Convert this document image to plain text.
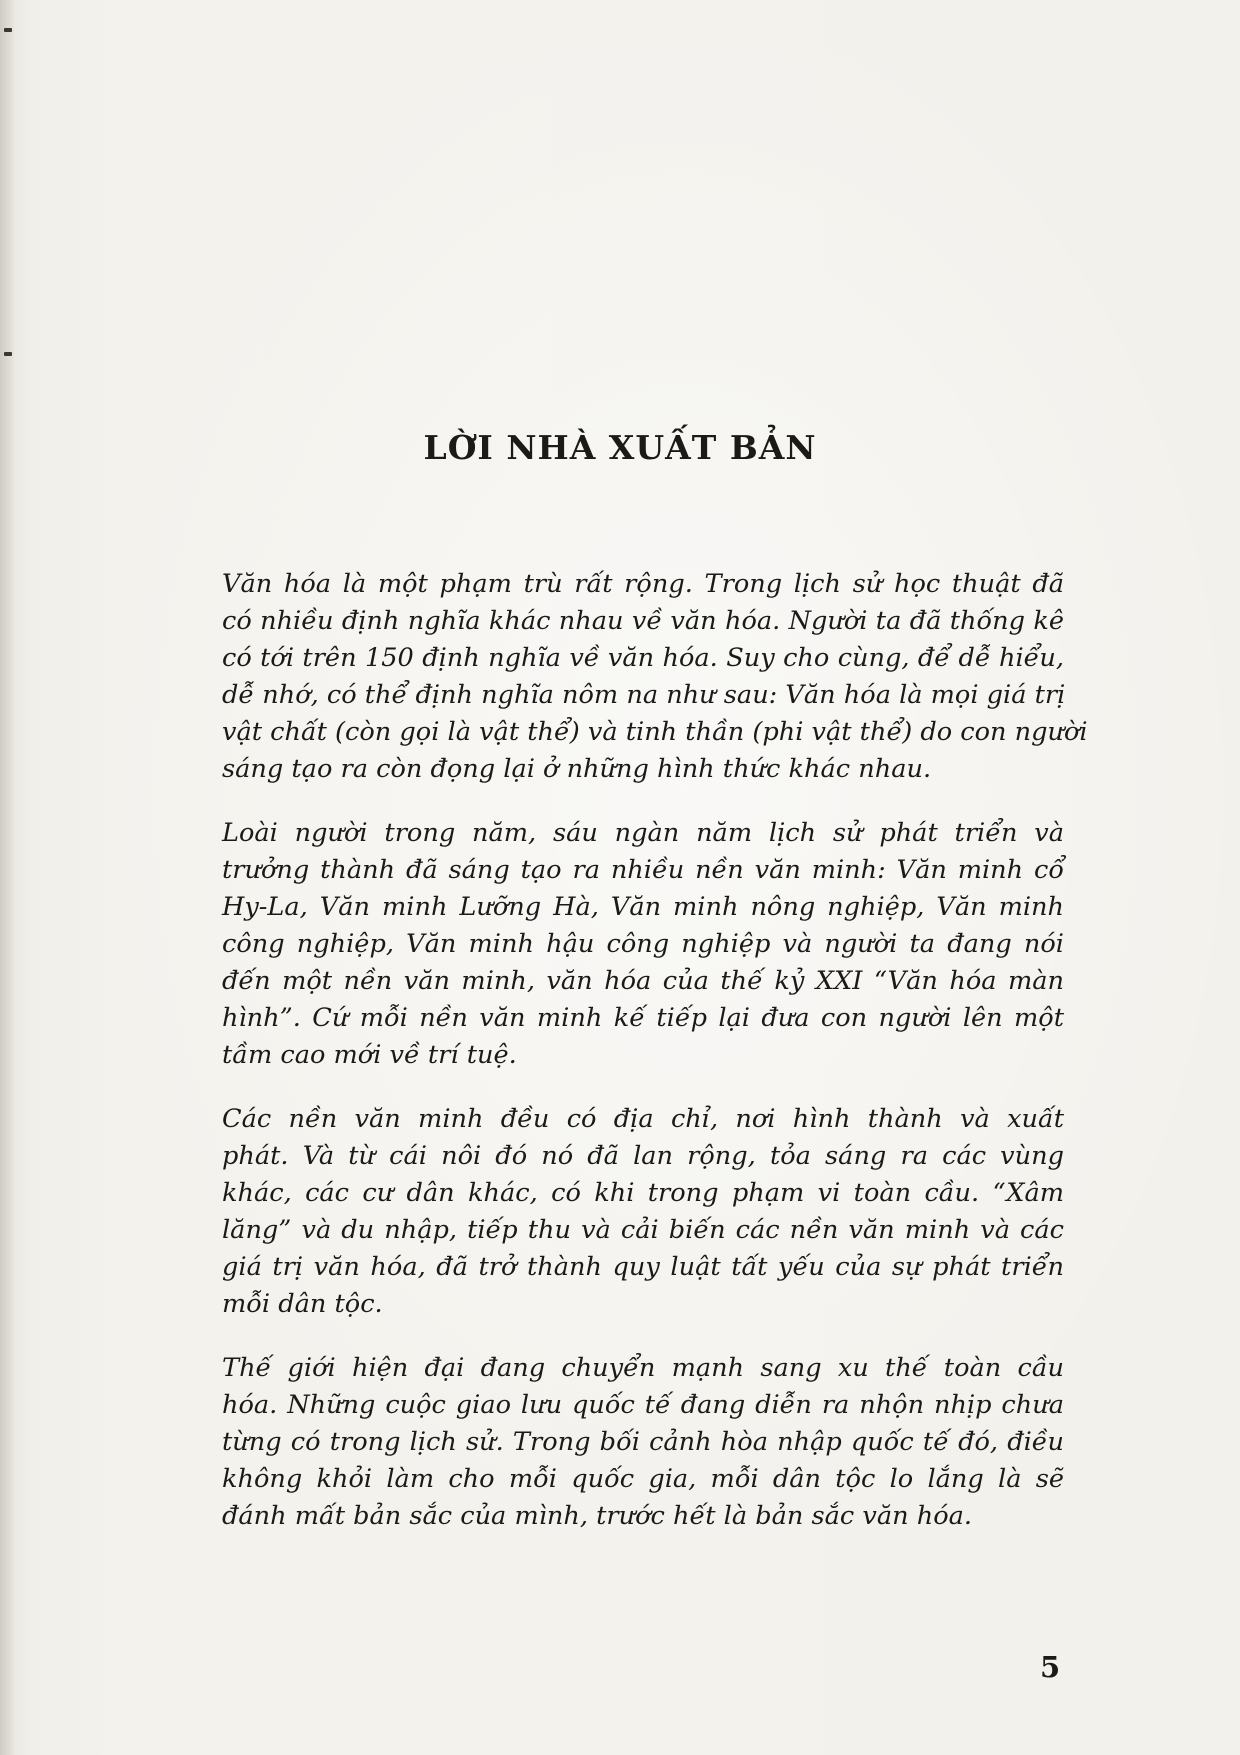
LỜI NHÀ XUẤT BẢN

Văn hóa là một phạm trù rất rộng. Trong lịch sử học thuật đã
có nhiều định nghĩa khác nhau về văn hóa. Người ta đã thống kê
có tới trên 150 định nghĩa về văn hóa. Suy cho cùng, để dễ hiểu,
dễ nhớ, có thể định nghĩa nôm na như sau: Văn hóa là mọi giá trị
vật chất (còn gọi là vật thể) và tinh thần (phi vật thể) do con người
sáng tạo ra còn đọng lại ở những hình thức khác nhau.

Loài người trong năm, sáu ngàn năm lịch sử phát triển và
trưởng thành đã sáng tạo ra nhiều nền văn minh: Văn minh cổ
Hy-La, Văn minh Lưỡng Hà, Văn minh nông nghiệp, Văn minh
công nghiệp, Văn minh hậu công nghiệp và người ta đang nói
đến một nền văn minh, văn hóa của thế kỷ XXI “Văn hóa màn
hình”. Cứ mỗi nền văn minh kế tiếp lại đưa con người lên một
tầm cao mới về trí tuệ.

Các nền văn minh đều có địa chỉ, nơi hình thành và xuất
phát. Và từ cái nôi đó nó đã lan rộng, tỏa sáng ra các vùng
khác, các cư dân khác, có khi trong phạm vi toàn cầu. “Xâm
lăng” và du nhập, tiếp thu và cải biến các nền văn minh và các
giá trị văn hóa, đã trở thành quy luật tất yếu của sự phát triển
mỗi dân tộc.

Thế giới hiện đại đang chuyển mạnh sang xu thế toàn cầu
hóa. Những cuộc giao lưu quốc tế đang diễn ra nhộn nhịp chưa
từng có trong lịch sử. Trong bối cảnh hòa nhập quốc tế đó, điều
không khỏi làm cho mỗi quốc gia, mỗi dân tộc lo lắng là sẽ
đánh mất bản sắc của mình, trước hết là bản sắc văn hóa.

5
